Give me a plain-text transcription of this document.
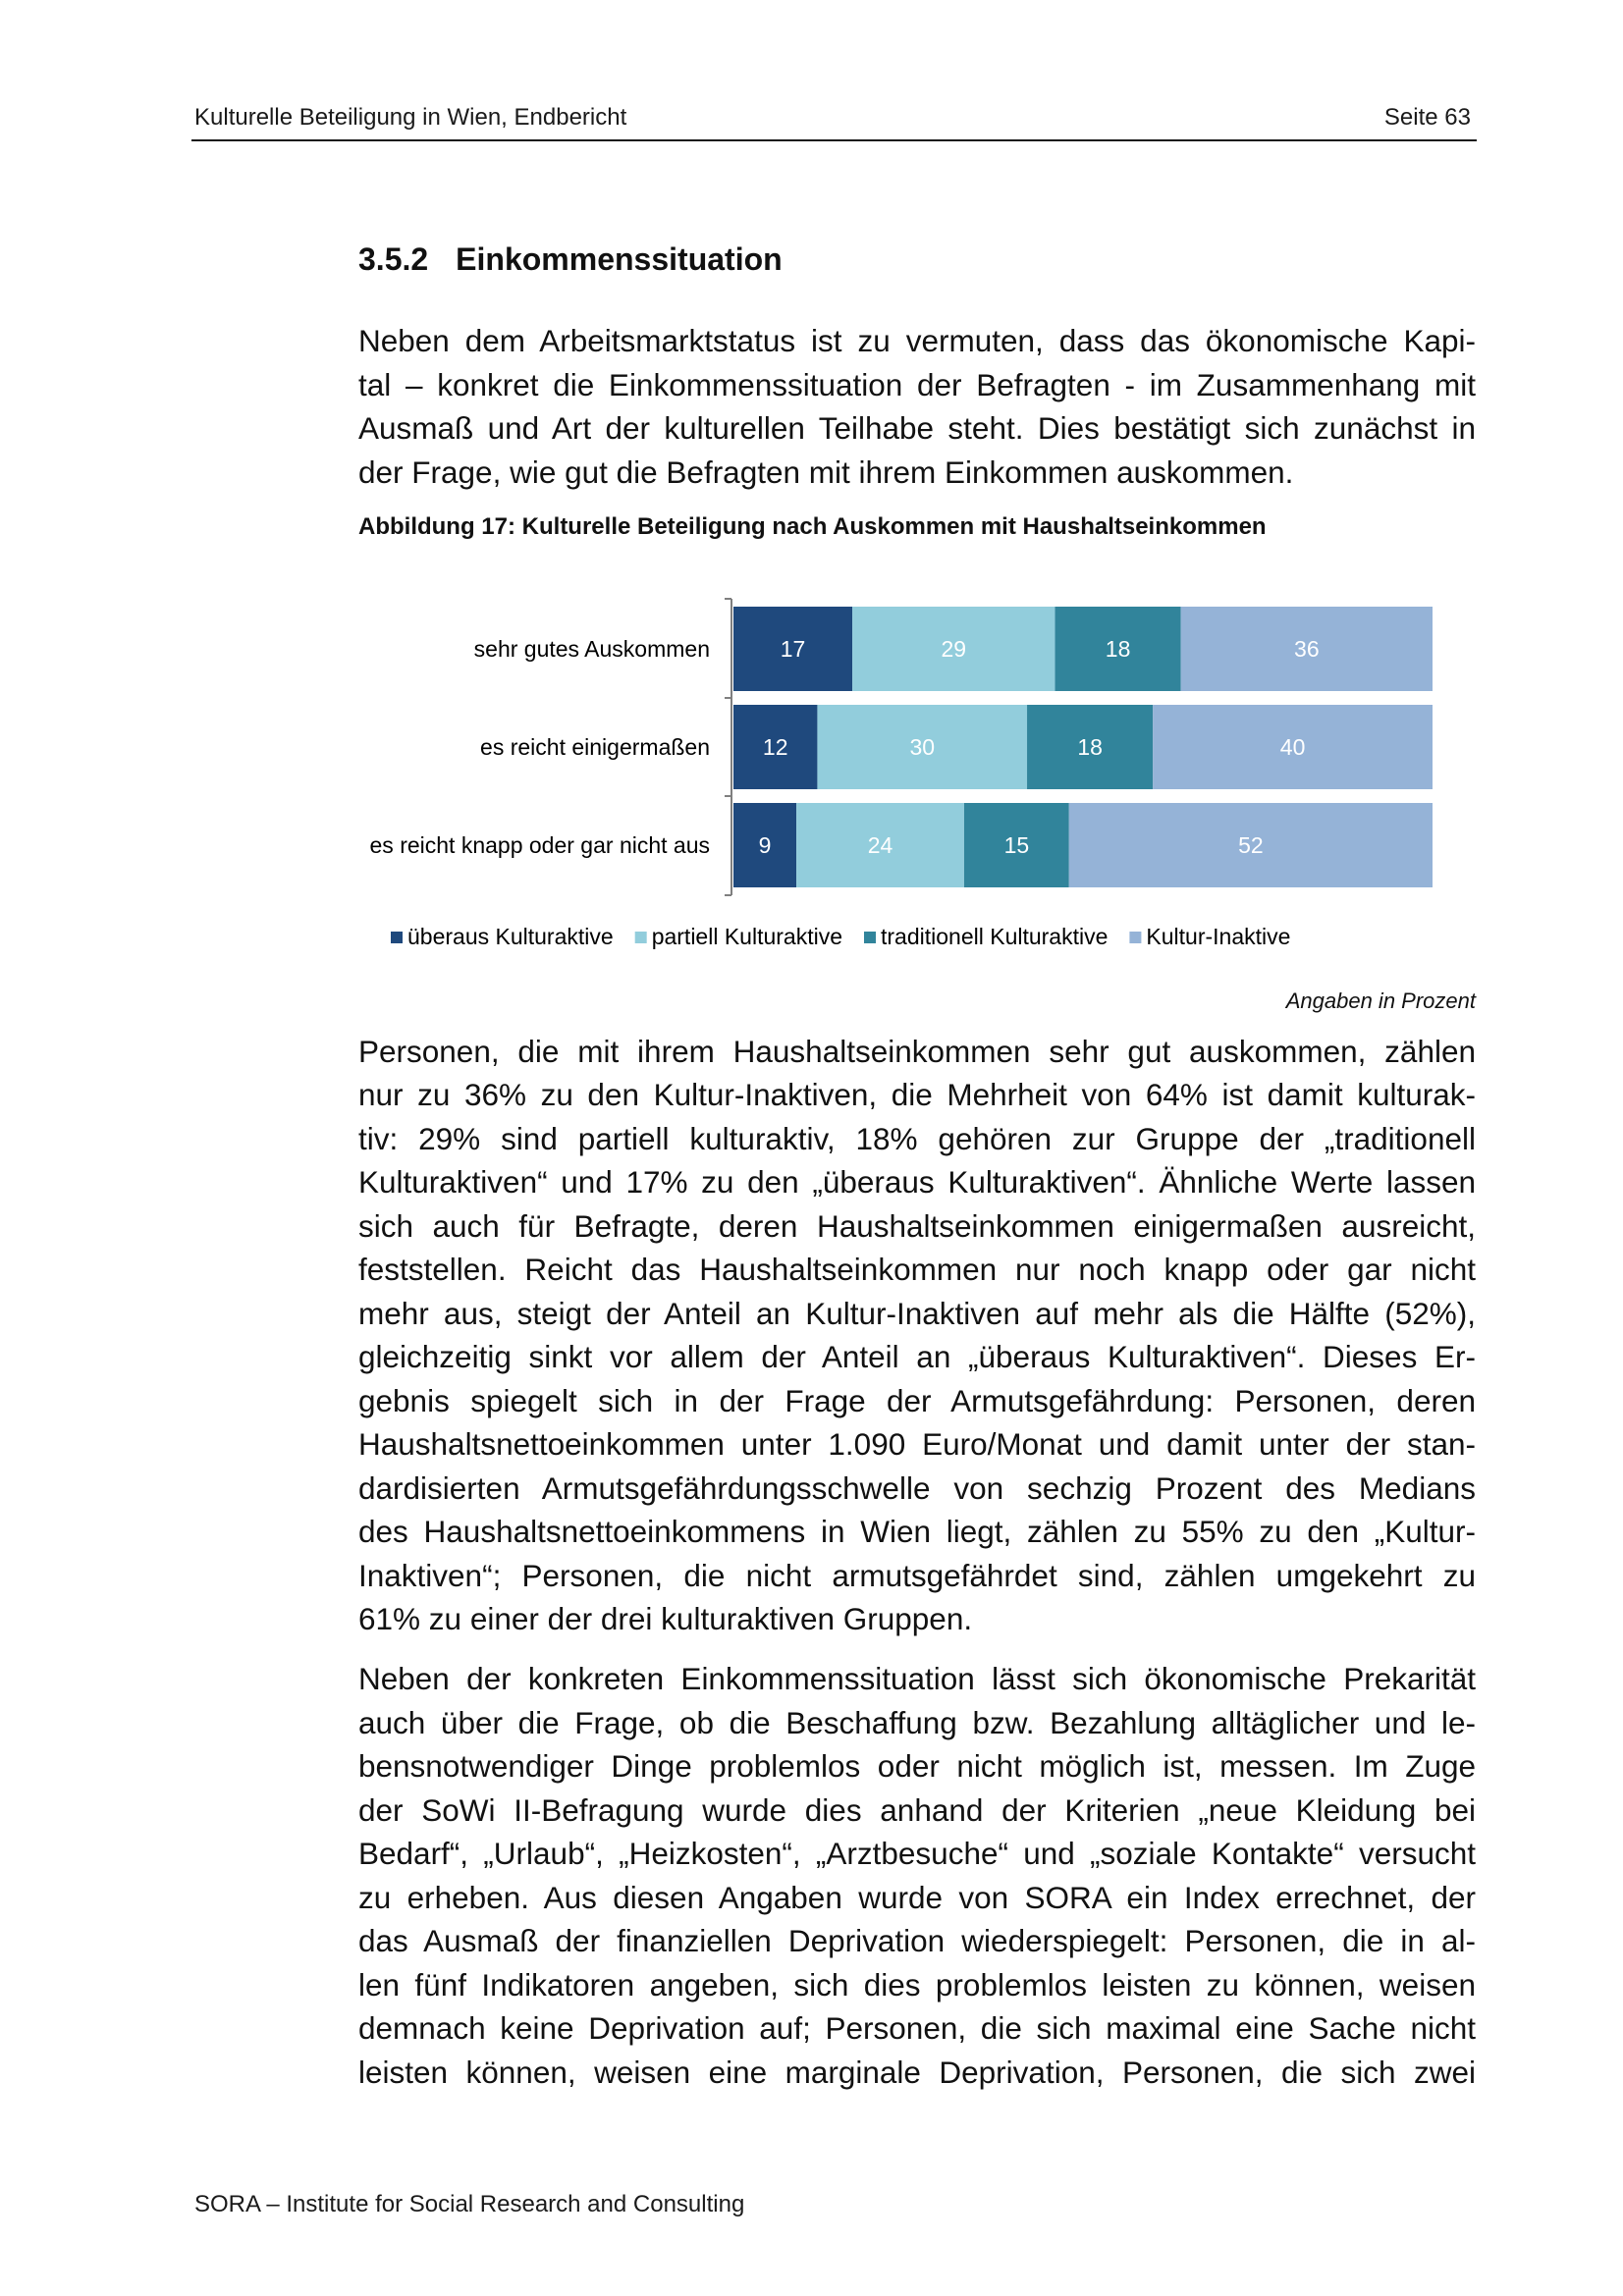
Kulturelle Beteiligung in Wien, Endbericht	Seite 63
3.5.2 Einkommenssituation
Neben dem Arbeitsmarktstatus ist zu vermuten, dass das ökonomische Kapi-
tal – konkret die Einkommenssituation der Befragten - im Zusammenhang mit
Ausmaß und Art der kulturellen Teilhabe steht. Dies bestätigt sich zunächst in
der Frage, wie gut die Befragten mit ihrem Einkommen auskommen.
Abbildung 17: Kulturelle Beteiligung nach Auskommen mit Haushaltseinkommen
sehr gutes Auskommen	17	29	18	36
es reicht einigermaßen 12	30	18	40
es reicht knapp oder gar nicht aus 9	24	15	52
überaus Kulturaktive partiell Kulturaktive traditionell Kulturaktive Kultur-Inaktive
Angaben in Prozent
Personen, die mit ihrem Haushaltseinkommen sehr gut auskommen, zählen
nur zu 36% zu den Kultur-Inaktiven, die Mehrheit von 64% ist damit kulturak-
tiv: 29% sind partiell kulturaktiv, 18% gehören zur Gruppe der „traditionell
Kulturaktiven“ und 17% zu den „überaus Kulturaktiven“. Ähnliche Werte lassen
sich auch für Befragte, deren Haushaltseinkommen einigermaßen ausreicht,
feststellen. Reicht das Haushaltseinkommen nur noch knapp oder gar nicht
mehr aus, steigt der Anteil an Kultur-Inaktiven auf mehr als die Hälfte (52%),
gleichzeitig sinkt vor allem der Anteil an „überaus Kulturaktiven“. Dieses Er-
gebnis spiegelt sich in der Frage der Armutsgefährdung: Personen, deren
Haushaltsnettoeinkommen unter 1.090 Euro/Monat und damit unter der stan-
dardisierten Armutsgefährdungsschwelle von sechzig Prozent des Medians
des Haushaltsnettoeinkommens in Wien liegt, zählen zu 55% zu den „Kultur-
Inaktiven“; Personen, die nicht armutsgefährdet sind, zählen umgekehrt zu
61% zu einer der drei kulturaktiven Gruppen.
Neben der konkreten Einkommenssituation lässt sich ökonomische Prekarität
auch über die Frage, ob die Beschaffung bzw. Bezahlung alltäglicher und le-
bensnotwendiger Dinge problemlos oder nicht möglich ist, messen. Im Zuge
der SoWi II-Befragung wurde dies anhand der Kriterien „neue Kleidung bei
Bedarf“, „Urlaub“, „Heizkosten“, „Arztbesuche“ und „soziale Kontakte“ versucht
zu erheben. Aus diesen Angaben wurde von SORA ein Index errechnet, der
das Ausmaß der finanziellen Deprivation wiederspiegelt: Personen, die in al-
len fünf Indikatoren angeben, sich dies problemlos leisten zu können, weisen
demnach keine Deprivation auf; Personen, die sich maximal eine Sache nicht
leisten können, weisen eine marginale Deprivation, Personen, die sich zwei
SORA – Institute for Social Research and Consulting
